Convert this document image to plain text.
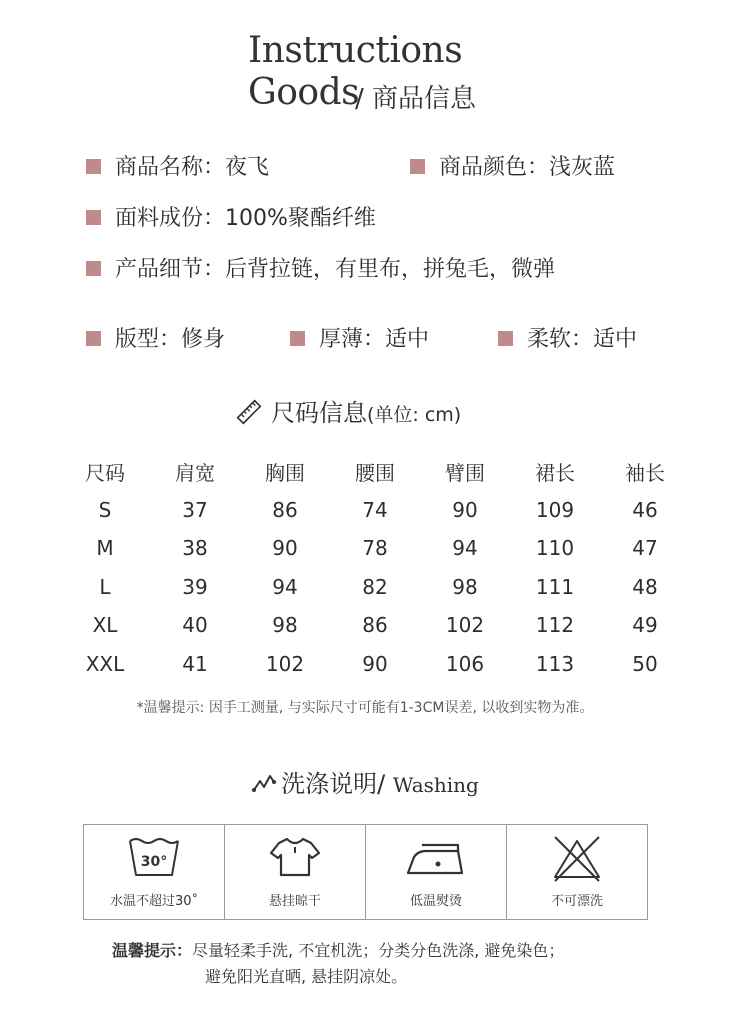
Instructions
Goods
/ 商品信息
商品名称：夜飞	商品颜色：浅灰蓝
面料成份：100%聚酯纤维
产品细节：后背拉链，有里布，拼兔毛，微弹
版型：修身	厚薄：适中	柔软：适中
尺码信息(单位: cm)
尺码	肩宽	胸围	腰围	臂围	裙长	袖长
S	37	86	74	90	109	46
M	38	90	78	94	110	47
L	39	94	82	98	111	48
XL	40	98	86	102	112	49
XXL	41	102	90	106	113	50
*温馨提示: 因手工测量, 与实际尺寸可能有1-3CM误差, 以收到实物为准。
洗涤说明/ Washing
30°
水温不超过30˚	悬挂晾干	低温熨烫	不可漂洗
温馨提示：尽量轻柔手洗, 不宜机洗；分类分色洗涤, 避免染色；
避免阳光直晒, 悬挂阴凉处。
